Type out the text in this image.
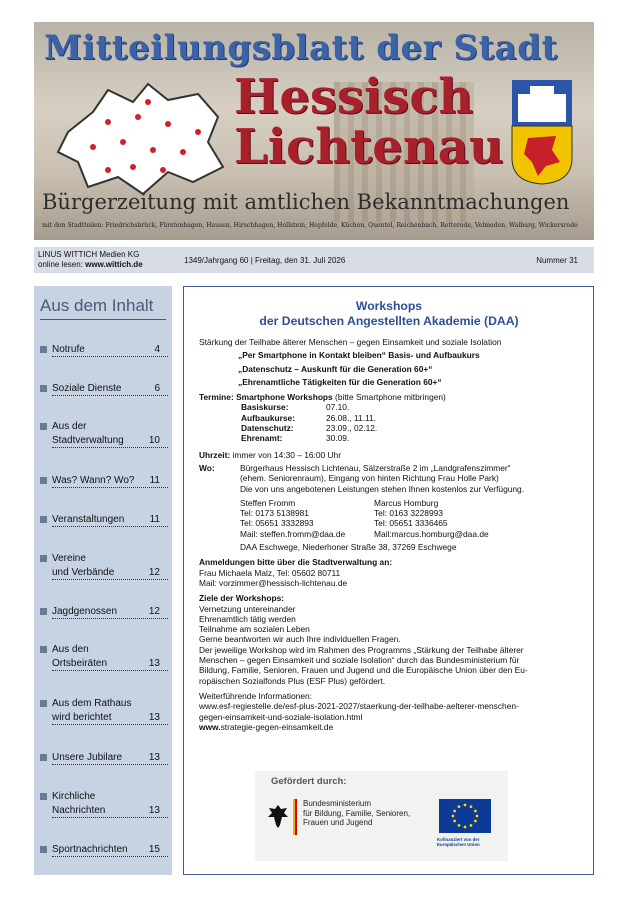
Mitteilungsblatt der Stadt
Hessisch
Lichtenau
Bürgerzeitung mit amtlichen Bekanntmachungen
mit den Stadtteilen: Friedrichsbrück, Fürstenhagen, Hausen, Hirschhagen, Hollstein, Hopfelde, Küchen, Quentel, Reichenbach, Retterode, Velmeden, Walburg, Wickersrode
LINUS WITTICH Medien KG
online lesen: www.wittich.de	1349/Jahrgang 60 | Freitag, den 31. Juli 2026	Nummer 31
Aus dem Inhalt
Notrufe	4
Soziale Dienste	6
Aus der
Stadtverwaltung	10
Was? Wann? Wo?	11
Veranstaltungen	11
Vereine
und Verbände	12
Jagdgenossen	12
Aus den
Ortsbeiräten	13
Aus dem Rathaus
wird berichtet	13
Unsere Jubilare	13
Kirchliche
Nachrichten	13
Sportnachrichten	15
Workshops
der Deutschen Angestellten Akademie (DAA)
Stärkung der Teilhabe älterer Menschen – gegen Einsamkeit und soziale Isolation
„Per Smartphone in Kontakt bleiben“ Basis- und Aufbaukurs
„Datenschutz – Auskunft für die Generation 60+“
„Ehrenamtliche Tätigkeiten für die Generation 60+“
Termine: Smartphone Workshops (bitte Smartphone mitbringen)
Basiskurse:	07.10.
Aufbaukurse:	26.08., 11.11.
Datenschutz:	23.09., 02.12.
Ehrenamt:	30.09.
Uhrzeit: immer von 14:30 – 16:00 Uhr
Wo:	Bürgerhaus Hessisch Lichtenau, Sälzerstraße 2 im „Landgrafenszimmer“
(ehem. Seniorenraum), Eingang von hinten Richtung Frau Holle Park)
Die von uns angebotenen Leistungen stehen Ihnen kostenlos zur Verfügung.
Steffen Fromm
Tel: 0173 5138981
Tel: 05651 3332893
Mail: steffen.fromm@daa.de
Marcus Homburg
Tel: 0163 3228993
Tel: 05651 3336465
Mail:marcus.homburg@daa.de
DAA Eschwege, Niederhoner Straße 38, 37269 Eschwege
Anmeldungen bitte über die Stadtverwaltung an:
Frau Michaela Malz, Tel: 05602 80711
Mail: vorzimmer@hessisch-lichtenau.de
Ziele der Workshops:
Vernetzung untereinander
Ehrenamtlich tätig werden
Teilnahme am sozialen Leben
Gerne beantworten wir auch Ihre individuellen Fragen.
Der jeweilige Workshop wird im Rahmen des Programms „Stärkung der Teilhabe älterer
Menschen – gegen Einsamkeit und soziale Isolation“ durch das Bundesministerium für
Bildung, Familie, Senioren, Frauen und Jugend und die Europäische Union über den Eu-
ropäischen Sozialfonds Plus (ESF Plus) gefördert.
Weiterführende Informationen:
www.esf-regiestelle.de/esf-plus-2021-2027/staerkung-der-teilhabe-aelterer-menschen-
gegen-einsamkeit-und-soziale-isolation.html
www.strategie-gegen-einsamkeit.de
Gefördert durch:
Bundesministerium
für Bildung, Familie, Senioren,
Frauen und Jugend
Kofinanziert von der
Europäischen Union
